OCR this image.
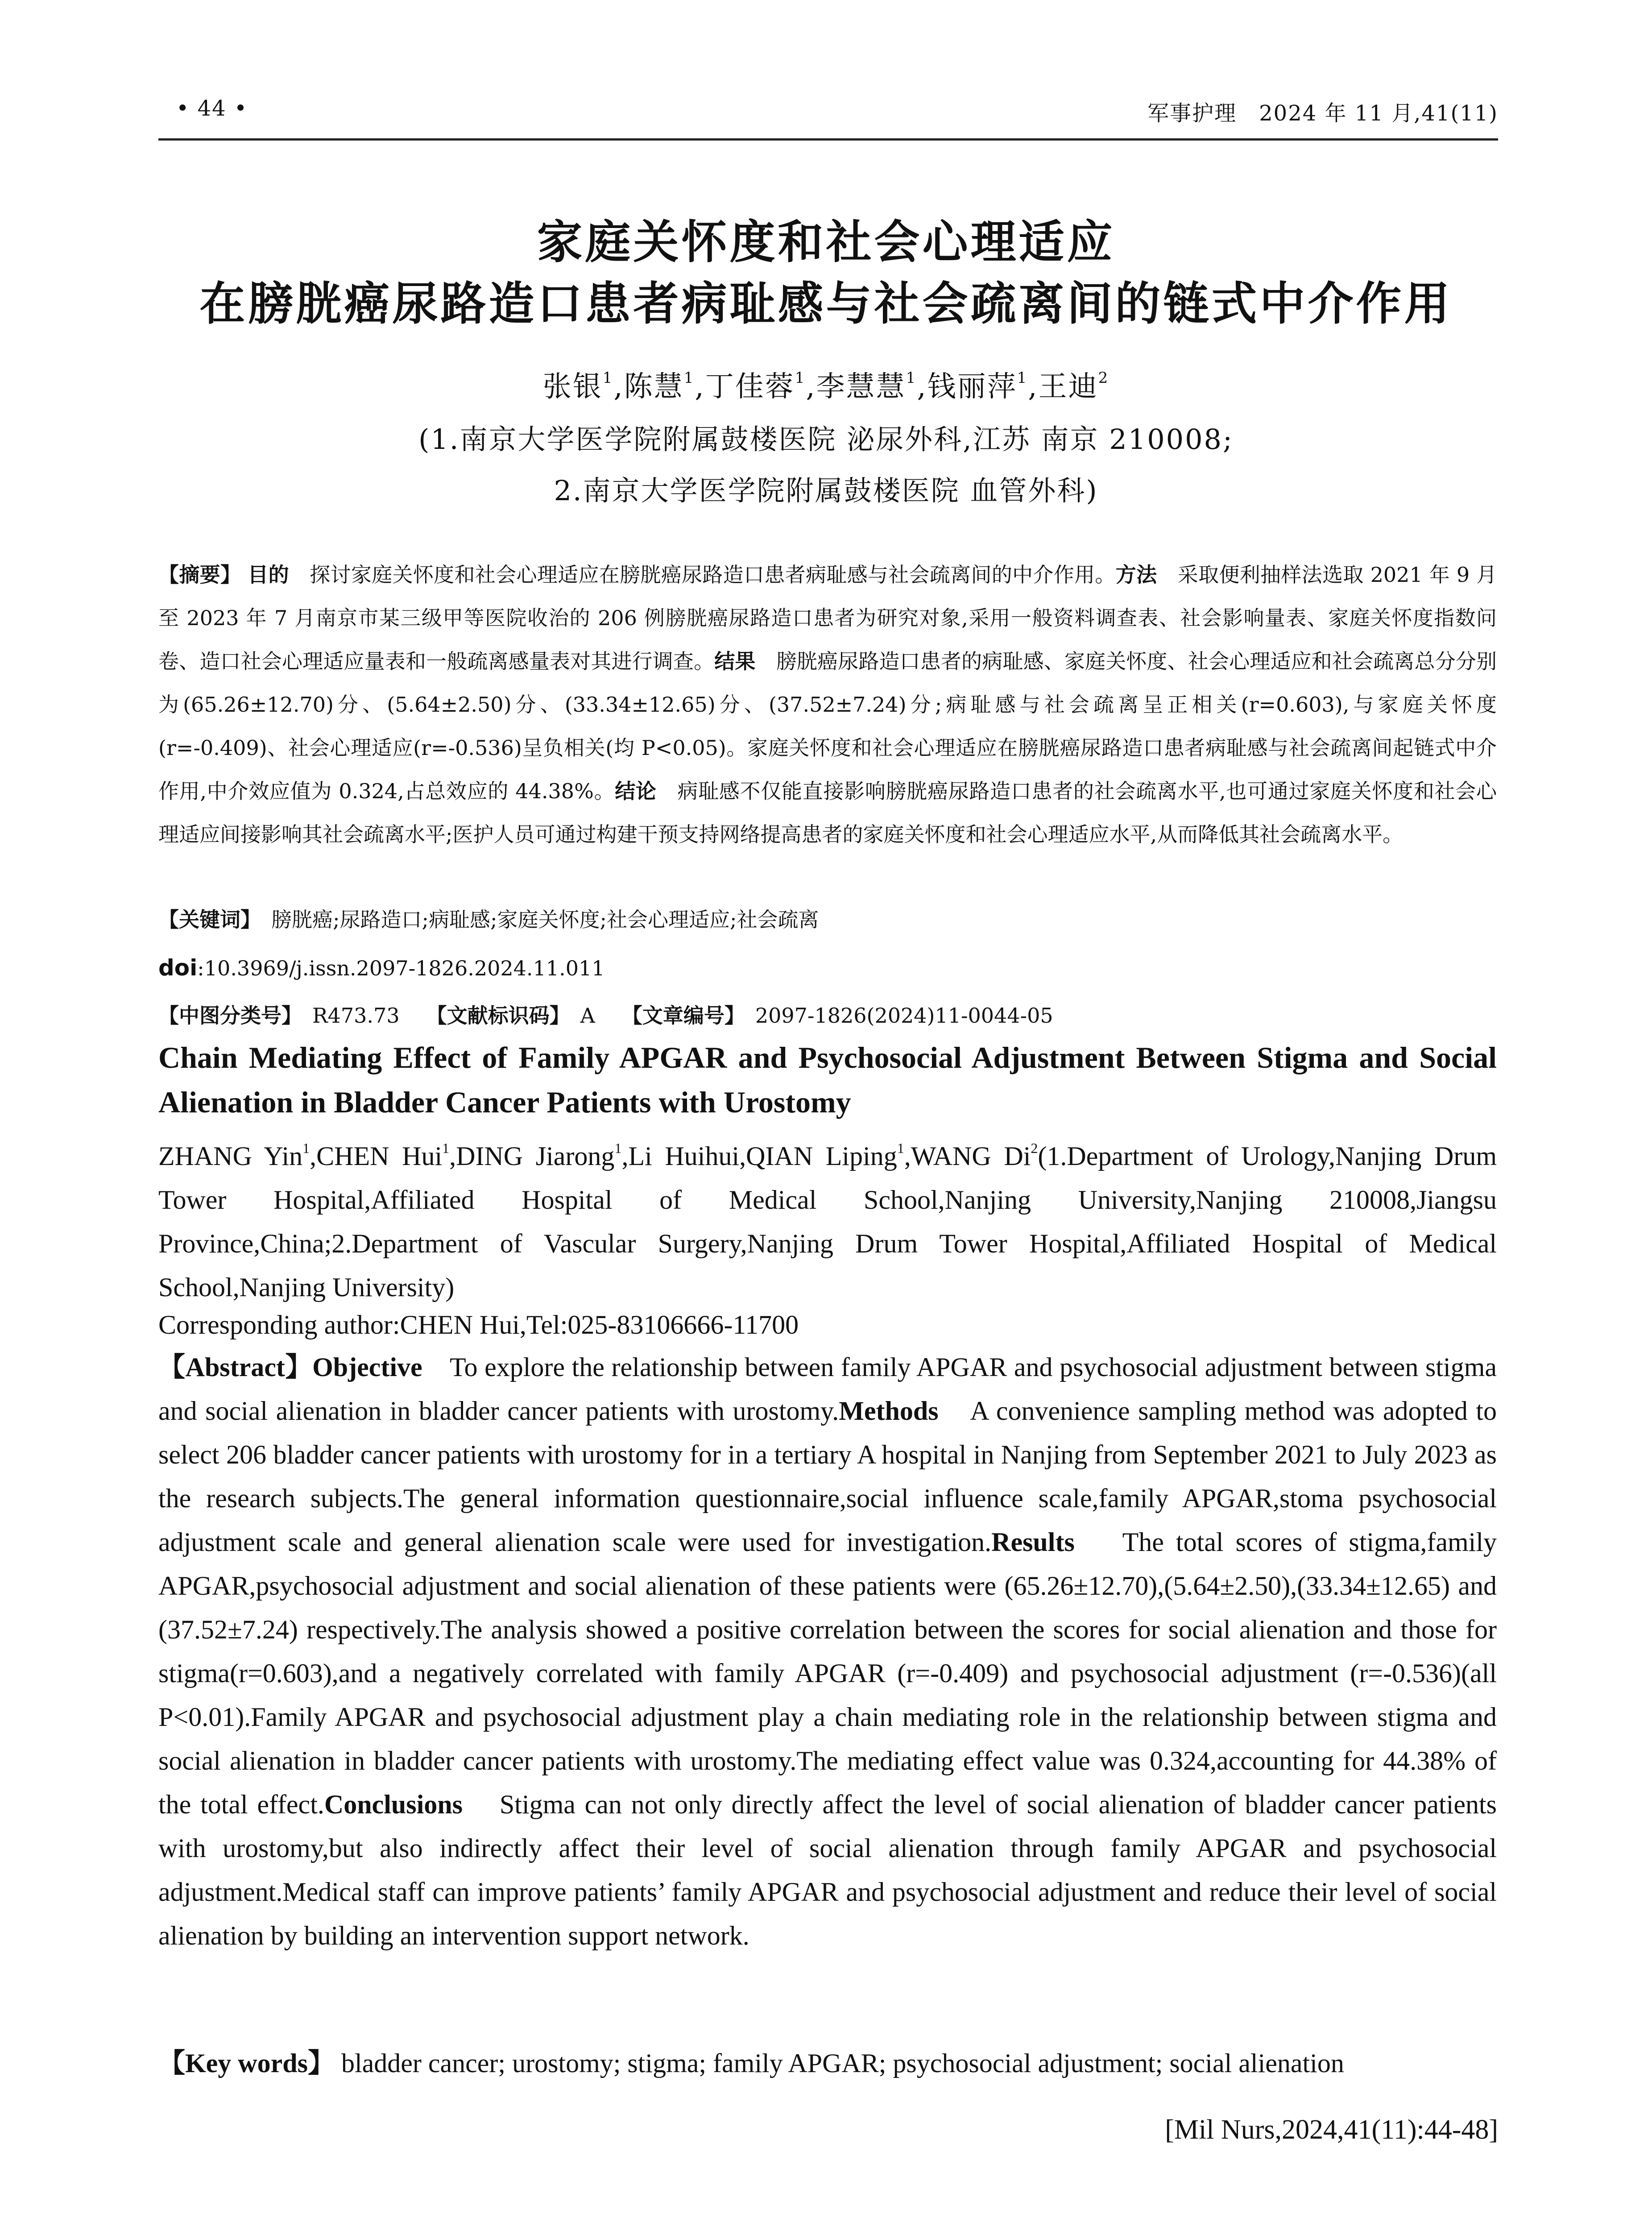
• 44 •	军事护理　2024 年 11 月,41(11)
家庭关怀度和社会心理适应
在膀胱癌尿路造口患者病耻感与社会疏离间的链式中介作用
张银$^1$,陈慧$^1$,丁佳蓉$^1$,李慧慧$^1$,钱丽萍$^1$,王迪$^2$
(1.南京大学医学院附属鼓楼医院 泌尿外科,江苏 南京 210008;
2.南京大学医学院附属鼓楼医院 血管外科)
【摘要】 目的　 探讨家庭关怀度和社会心理适应在膀胱癌尿路造口患者病耻感与社会疏离间的中介作用。方法　 采取便利抽样法选取 2021 年 9 月至 2023 年 7 月南京市某三级甲等医院收治的 206 例膀胱癌尿路造口患者为研究对象,采用一般资料调查表、社会影响量表、家庭关怀度指数问卷、造口社会心理适应量表和一般疏离感量表对其进行调查。结果　 膀胱癌尿路造口患者的病耻感、家庭关怀度、社会心理适应和社会疏离总分分别为(65.26±12.70)分、(5.64±2.50)分、(33.34±12.65)分、(37.52±7.24)分;病耻感与社会疏离呈正相关(r=0.603),与家庭关怀度(r=-0.409)、社会心理适应(r=-0.536)呈负相关(均 P<0.05)。家庭关怀度和社会心理适应在膀胱癌尿路造口患者病耻感与社会疏离间起链式中介作用,中介效应值为 0.324,占总效应的 44.38%。结论　 病耻感不仅能直接影响膀胱癌尿路造口患者的社会疏离水平,也可通过家庭关怀度和社会心理适应间接影响其社会疏离水平;医护人员可通过构建干预支持网络提高患者的家庭关怀度和社会心理适应水平,从而降低其社会疏离水平。
【关键词】　 膀胱癌;尿路造口;病耻感;家庭关怀度;社会心理适应;社会疏离
doi:10.3969/j.issn.2097-1826.2024.11.011
【中图分类号】　 R473.73 【文献标识码】　 A 【文章编号】　 2097-1826(2024)11-0044-05
Chain Mediating Effect of Family APGAR and Psychosocial Adjustment Between Stigma and Social Alienation in Bladder Cancer Patients with Urostomy
ZHANG Yin$^1$,CHEN Hui$^1$,DING Jiarong$^1$,Li Huihui,QIAN Liping$^1$,WANG Di$^2$(1.Department of Urology,Nanjing Drum Tower Hospital,Affiliated Hospital of Medical School,Nanjing University,Nanjing 210008,Jiangsu Province,China;2.Department of Vascular Surgery,Nanjing Drum Tower Hospital,Affiliated Hospital of Medical School,Nanjing University)
Corresponding author:CHEN Hui,Tel:025-83106666-11700
【Abstract】Objective To explore the relationship between family APGAR and psychosocial adjustment between stigma and social alienation in bladder cancer patients with urostomy.Methods A convenience sampling method was adopted to select 206 bladder cancer patients with urostomy for in a tertiary A hospital in Nanjing from September 2021 to July 2023 as the research subjects.The general information questionnaire,social influence scale,family APGAR,stoma psychosocial adjustment scale and general alienation scale were used for investigation.Results The total scores of stigma,family APGAR,psychosocial adjustment and social alienation of these patients were (65.26±12.70),(5.64±2.50),(33.34±12.65) and (37.52±7.24) respectively.The analysis showed a positive correlation between the scores for social alienation and those for stigma(r=0.603),and a negatively correlated with family APGAR (r=-0.409) and psychosocial adjustment (r=-0.536)(all P<0.01).Family APGAR and psychosocial adjustment play a chain mediating role in the relationship between stigma and social alienation in bladder cancer patients with urostomy.The mediating effect value was 0.324,accounting for 44.38% of the total effect.Conclusions Stigma can not only directly affect the level of social alienation of bladder cancer patients with urostomy,but also indirectly affect their level of social alienation through family APGAR and psychosocial adjustment.Medical staff can improve patients’ family APGAR and psychosocial adjustment and reduce their level of social alienation by building an intervention support network.
【Key words】 bladder cancer; urostomy; stigma; family APGAR; psychosocial adjustment; social alienation
[Mil Nurs,2024,41(11):44-48]
